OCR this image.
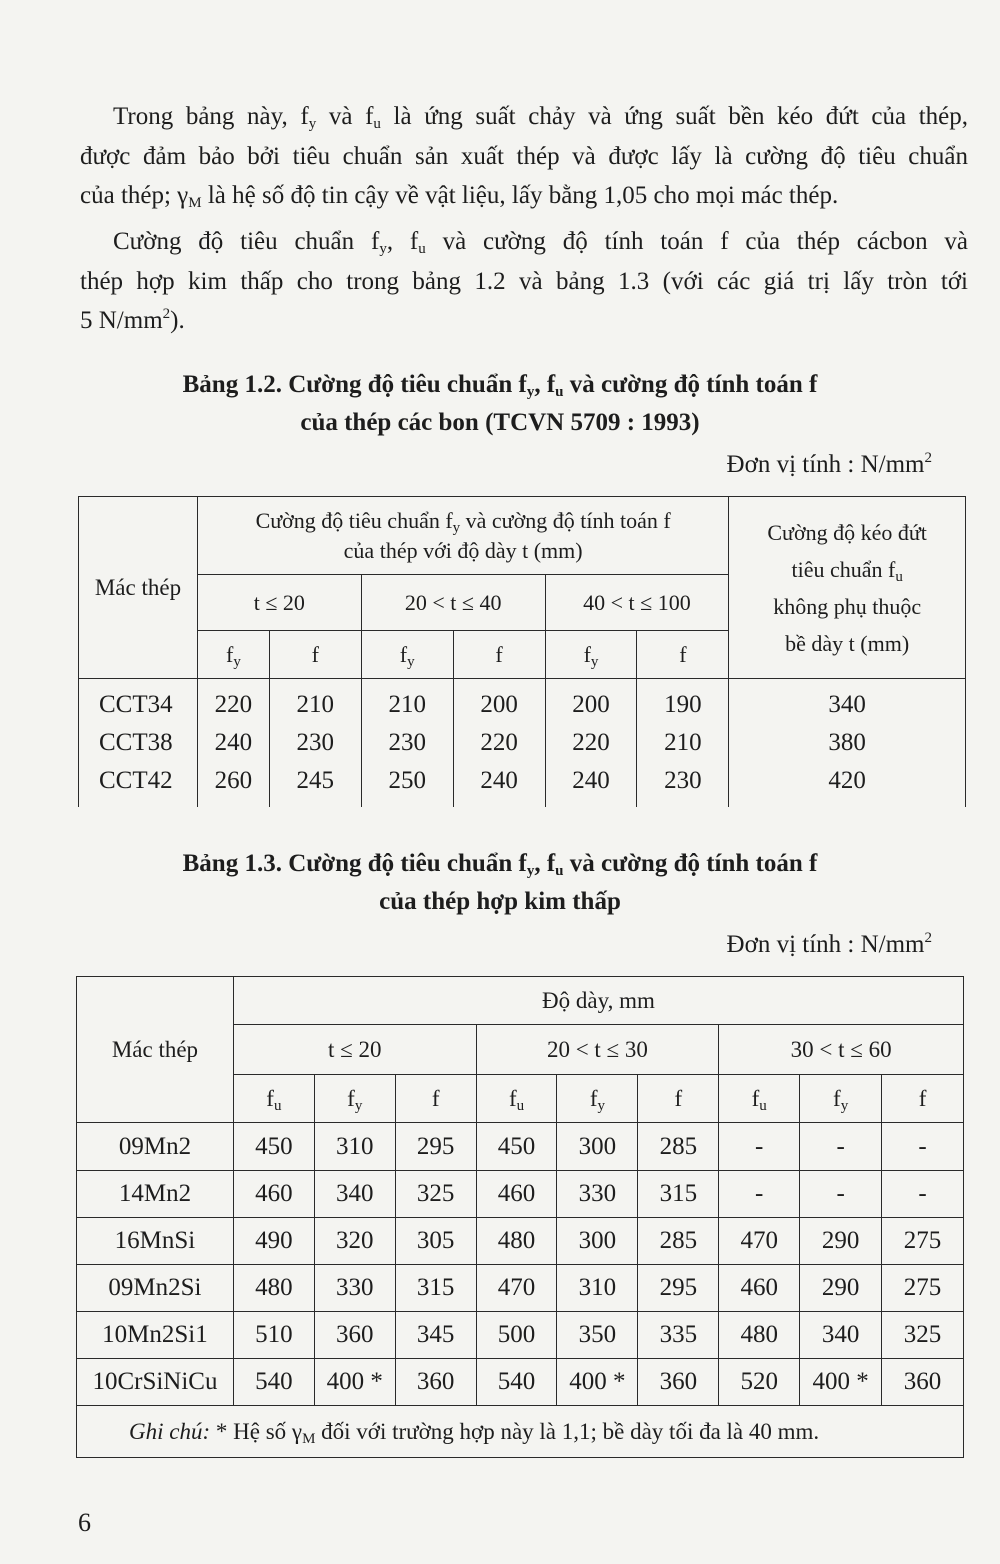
Trong bảng này, $f_y$ và $f_u$ là ứng suất chảy và ứng suất bền kéo đứt của thép,
được đảm bảo bởi tiêu chuẩn sản xuất thép và được lấy là cường độ tiêu chuẩn
của thép; $\gamma_M$ là hệ số độ tin cậy về vật liệu, lấy bằng 1,05 cho mọi mác thép.
Cường độ tiêu chuẩn $f_y$, $f_u$ và cường độ tính toán f của thép cácbon và
thép hợp kim thấp cho trong bảng 1.2 và bảng 1.3 (với các giá trị lấy tròn tới
5 $N/mm^2$).
Bảng 1.2. Cường độ tiêu chuẩn $f_y$, $f_u$ và cường độ tính toán f
của thép các bon (TCVN 5709 : 1993)
Đơn vị tính : $N/mm^2$
Mác thép	Cường độ tiêu chuẩn $f_y$ và cường độ tính toán f
của thép với độ dày t (mm)						Cường độ kéo đứt
tiêu chuẩn $f_u$
không phụ thuộc
bề dày t (mm)
	t ≤ 20		20 < t ≤ 40		40 < t ≤ 100		
	$f_y$	f	$f_y$	f	$f_y$	f	
CCT34	220	210	210	200	200	190	340
CCT38	240	230	230	220	220	210	380
CCT42	260	245	250	240	240	230	420
Bảng 1.3. Cường độ tiêu chuẩn $f_y$, $f_u$ và cường độ tính toán f
của thép hợp kim thấp
Đơn vị tính : $N/mm^2$
Mác thép	Độ dày, mm								
	t ≤ 20			20 < t ≤ 30			30 < t ≤ 60		
	$f_u$	$f_y$	f	$f_u$	$f_y$	f	$f_u$	$f_y$	f
09Mn2	450	310	295	450	300	285	-	-	-
14Mn2	460	340	325	460	330	315	-	-	-
16MnSi	490	320	305	480	300	285	470	290	275
09Mn2Si	480	330	315	470	310	295	460	290	275
10Mn2Si1	510	360	345	500	350	335	480	340	325
10CrSiNiCu	540	400 *	360	540	400 *	360	520	400 *	360
Ghi chú: * Hệ số $\gamma_M$ đối với trường hợp này là 1,1; bề dày tối đa là 40 mm.									
6
